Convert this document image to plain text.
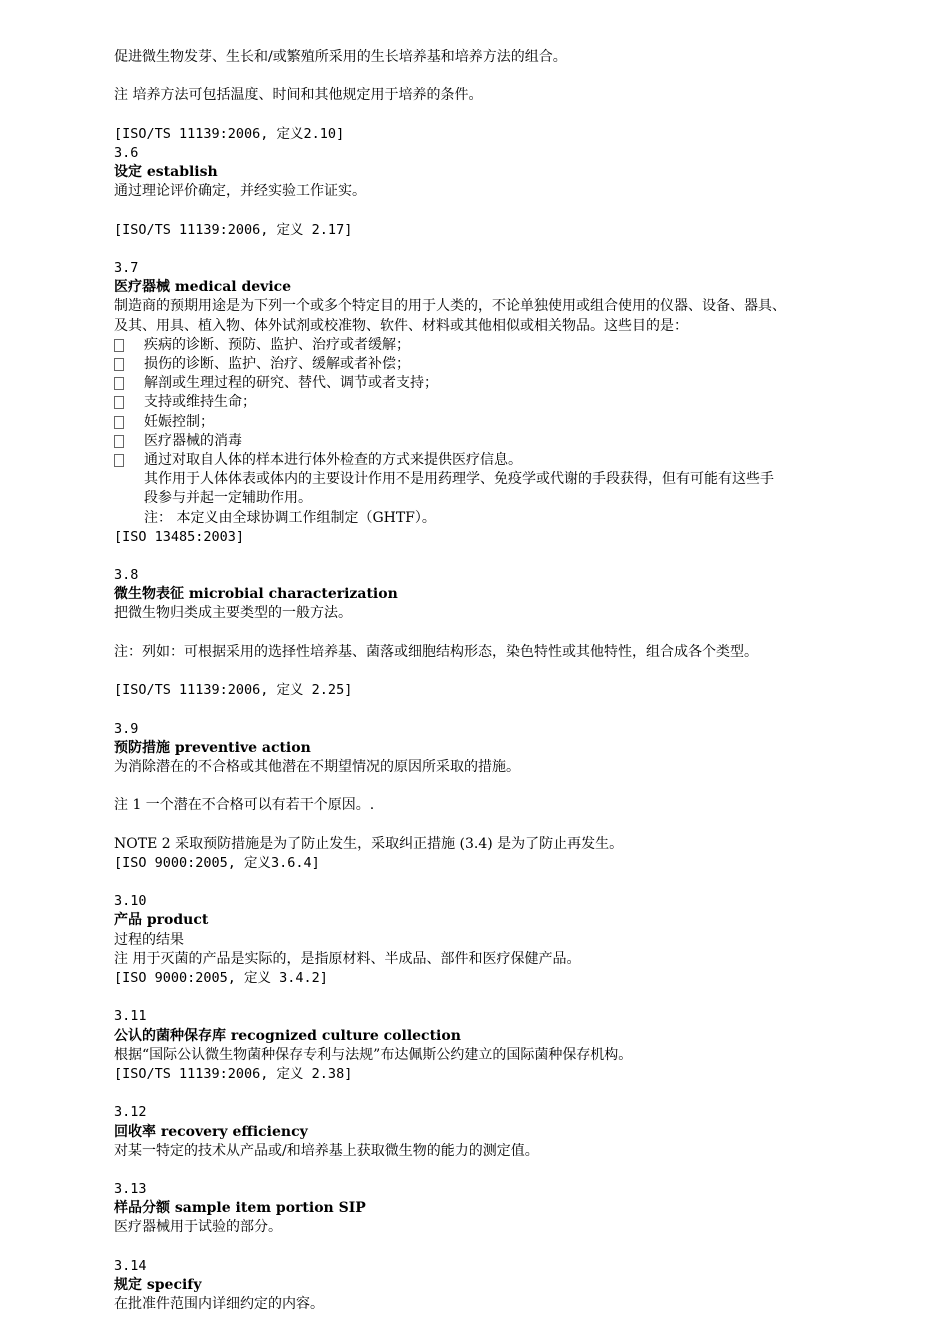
促进微生物发芽、生长和/或繁殖所采用的生长培养基和培养方法的组合。
注 培养方法可包括温度、时间和其他规定用于培养的条件。
[ISO/TS 11139:2006, 定义2.10]
3.6
设定 establish
通过理论评价确定，并经实验工作证实。
[ISO/TS 11139:2006, 定义 2.17]
3.7
医疗器械 medical device
制造商的预期用途是为下列一个或多个特定目的用于人类的，不论单独使用或组合使用的仪器、设备、器具、
及其、用具、植入物、体外试剂或校准物、软件、材料或其他相似或相关物品。这些目的是：
疾病的诊断、预防、监护、治疗或者缓解；
损伤的诊断、监护、治疗、缓解或者补偿；
解剖或生理过程的研究、替代、调节或者支持；
支持或维持生命；
妊娠控制；
医疗器械的消毒
通过对取自人体的样本进行体外检查的方式来提供医疗信息。
其作用于人体体表或体内的主要设计作用不是用药理学、免疫学或代谢的手段获得，但有可能有这些手
段参与并起一定辅助作用。
注： 本定义由全球协调工作组制定（GHTF）。
[ISO 13485:2003]
3.8
微生物表征 microbial characterization
把微生物归类成主要类型的一般方法。
注：列如：可根据采用的选择性培养基、菌落或细胞结构形态，染色特性或其他特性，组合成各个类型。
[ISO/TS 11139:2006, 定义 2.25]
3.9
预防措施 preventive action
为消除潜在的不合格或其他潜在不期望情况的原因所采取的措施。
注 1 一个潜在不合格可以有若干个原因。.
NOTE 2 采取预防措施是为了防止发生，采取纠正措施 (3.4) 是为了防止再发生。
[ISO 9000:2005, 定义3.6.4]
3.10
产品 product
过程的结果
注 用于灭菌的产品是实际的，是指原材料、半成品、部件和医疗保健产品。
[ISO 9000:2005, 定义 3.4.2]
3.11
公认的菌种保存库 recognized culture collection
根据“国际公认微生物菌种保存专利与法规”布达佩斯公约建立的国际菌种保存机构。
[ISO/TS 11139:2006, 定义 2.38]
3.12
回收率 recovery efficiency
对某一特定的技术从产品或/和培养基上获取微生物的能力的测定值。
3.13
样品分额 sample item portion SIP
医疗器械用于试验的部分。
3.14
规定 specify
在批准件范围内详细约定的内容。
